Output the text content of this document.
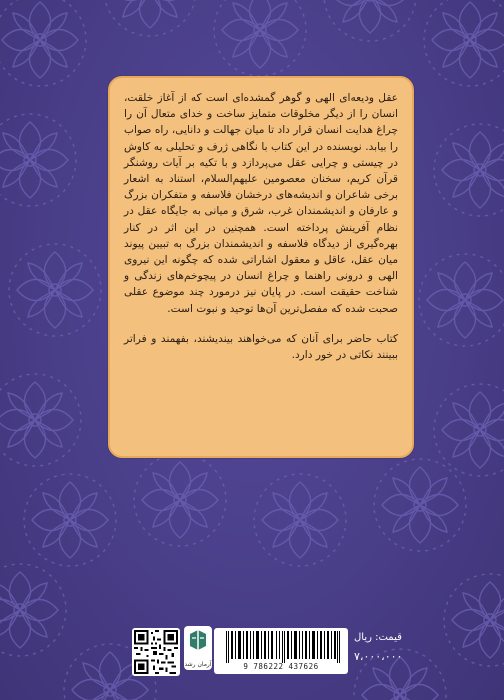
عقل ودیعه‌ای الهی و گوهر گمشده‌ای است که از آغاز خلقت، انسان را از دیگر مخلوقات متمایز ساخت و خدای متعال آن را چراغ هدایت انسان قرار داد تا میان جهالت و دانایی، راه صواب را بیابد. نویسنده در این کتاب با نگاهی ژرف و تحلیلی به کاوش در چیستی و چرایی عقل می‌پردازد و با تکیه بر آیات روشنگر قرآن کریم، سخنان معصومین علیهم‌السلام، استناد به اشعار برخی شاعران و اندیشه‌های درخشان فلاسفه و متفکران بزرگ و عارفان و اندیشمندان غرب، شرق و میانی به جایگاه عقل در نظام آفرینش پرداخته است. همچنین در این اثر در کنار بهره‌گیری از دیدگاه فلاسفه و اندیشمندان بزرگ به تبیین پیوند میان عقل، عاقل و معقول اشاراتی شده که چگونه این نیروی الهی و درونی راهنما و چراغ انسان در پیچوخم‌های زندگی و شناخت حقیقت است. در پایان نیز درمورد چند موضوع عقلی صحبت شده که مفصل‌ترین آن‌ها توحید و نبوت است.

کتاب حاضر برای آنان که می‌خواهند بیندیشند، بفهمند و فراتر ببینند نکاتی در خور دارد.

آرمان رشد	9 786222 437626
قیمت: ریال
۷،۰۰۰،۰۰۰
